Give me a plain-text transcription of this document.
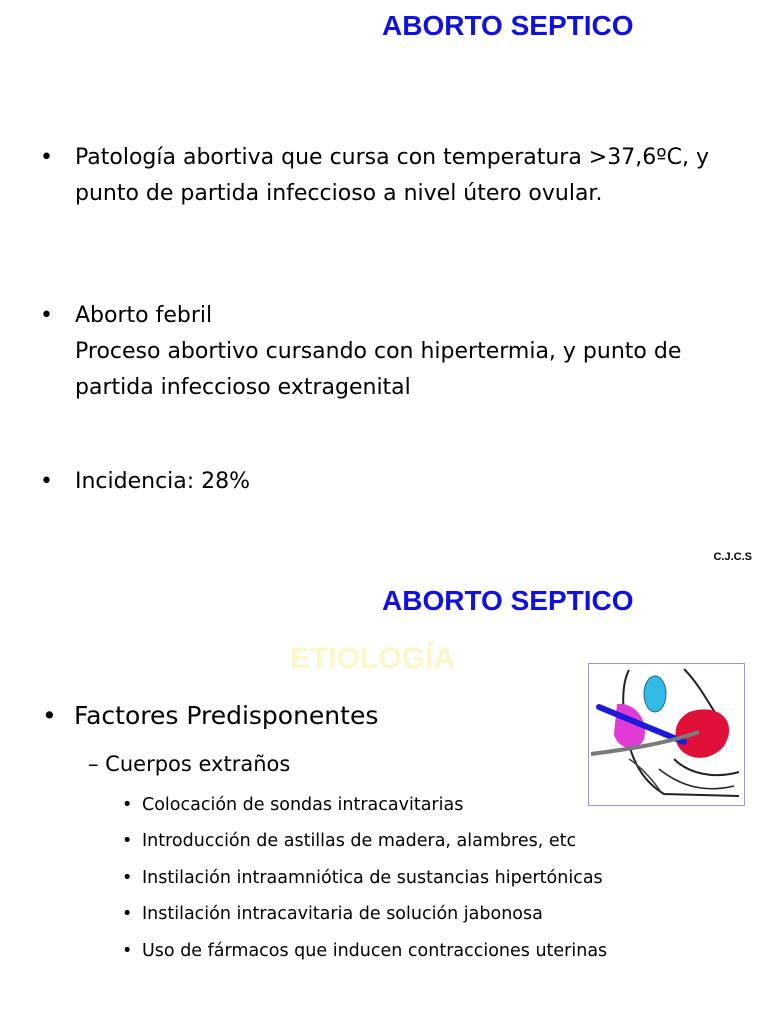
ABORTO SEPTICO
• Patología abortiva que cursa con temperatura >37,6ºC, y punto de partida infeccioso a nivel útero ovular.
• Aborto febril
Proceso abortivo cursando con hipertermia, y punto de partida infeccioso extragenital
• Incidencia: 28%
C.J.C.S
ABORTO SEPTICO
ETIOLOGÍA
• Factores Predisponentes
– Cuerpos extraños
• Colocación de sondas intracavitarias
• Introducción de astillas de madera, alambres, etc
• Instilación intraamniótica de sustancias hipertónicas
• Instilación intracavitaria de solución jabonosa
• Uso de fármacos que inducen contracciones uterinas
